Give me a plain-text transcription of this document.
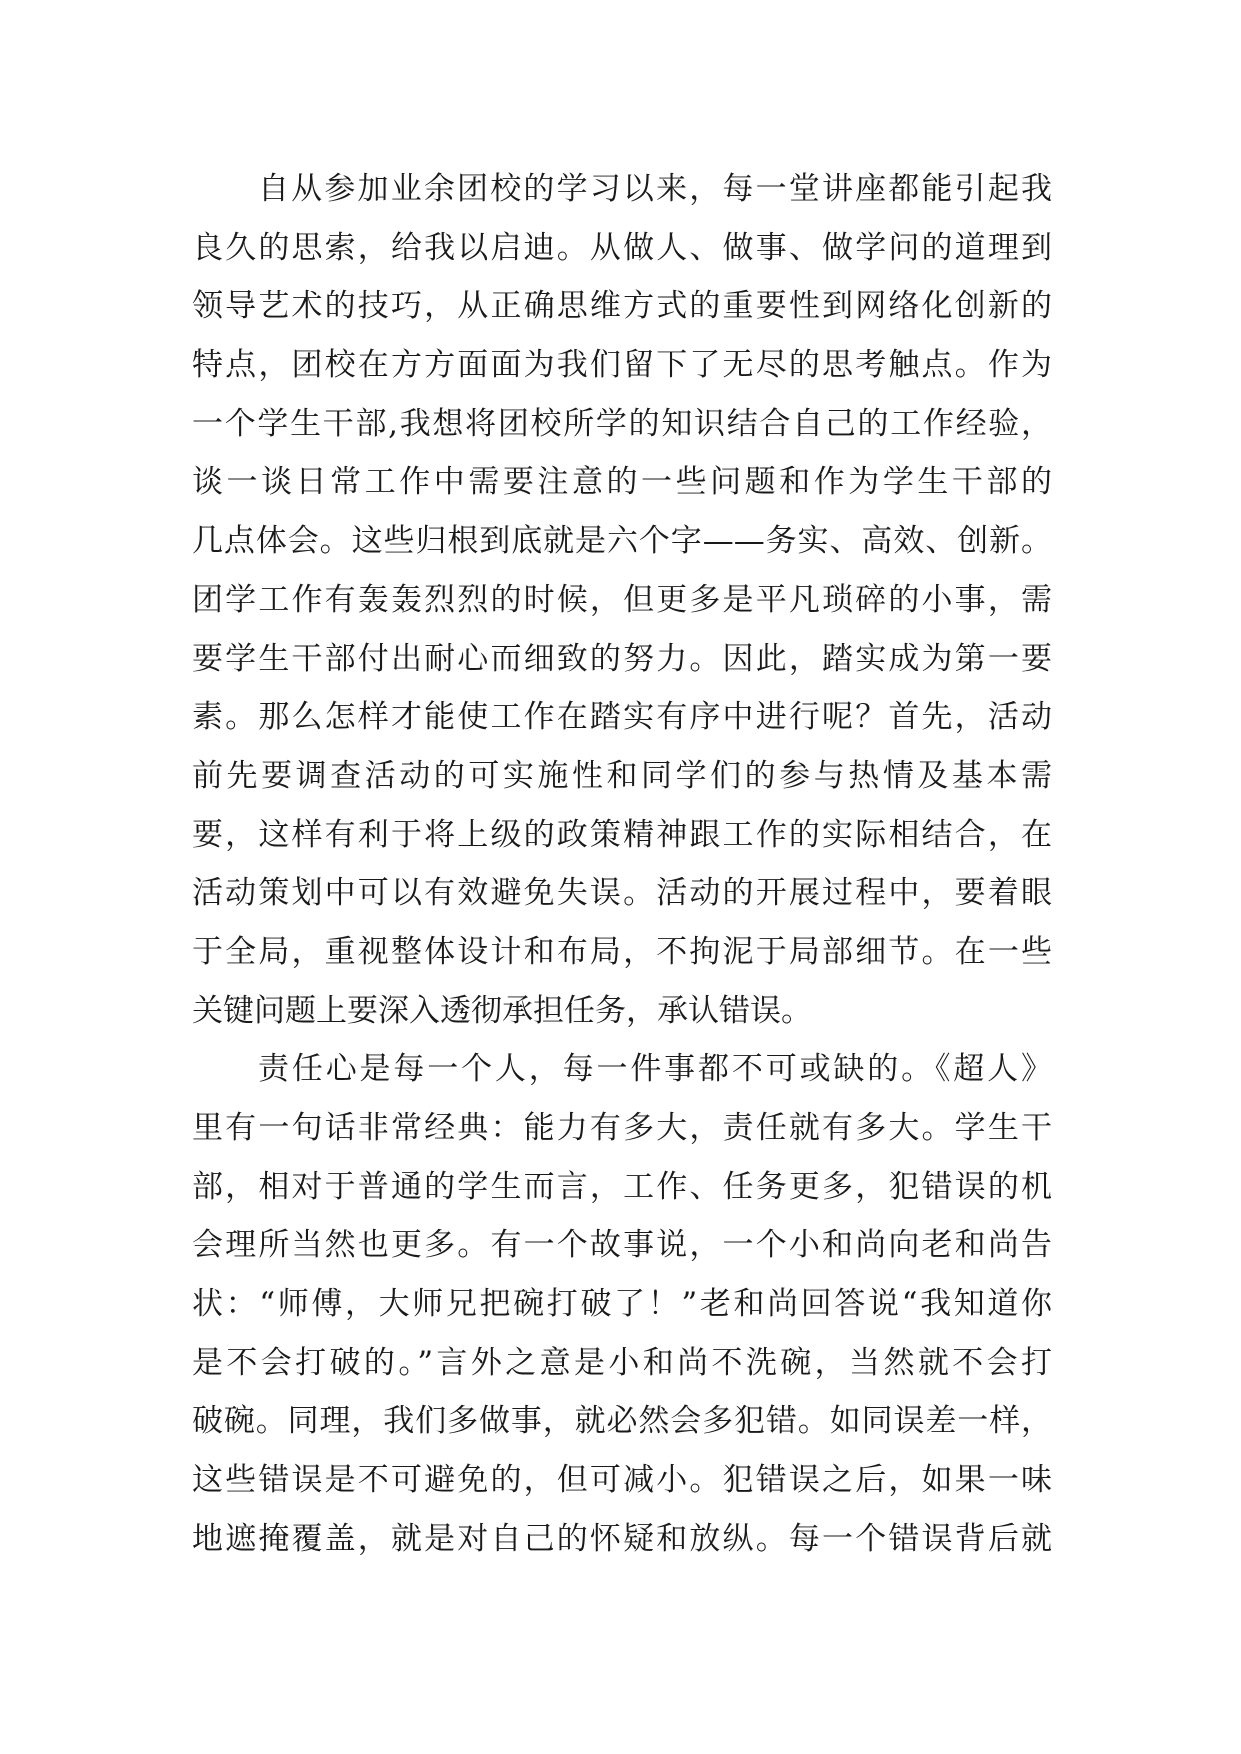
自从参加业余团校的学习以来，每一堂讲座都能引起我
良久的思索，给我以启迪。从做人、做事、做学问的道理到
领导艺术的技巧，从正确思维方式的重要性到网络化创新的
特点，团校在方方面面为我们留下了无尽的思考触点。作为
一个学生干部,我想将团校所学的知识结合自己的工作经验，
谈一谈日常工作中需要注意的一些问题和作为学生干部的
几点体会。这些归根到底就是六个字——务实、高效、创新。
团学工作有轰轰烈烈的时候，但更多是平凡琐碎的小事，需
要学生干部付出耐心而细致的努力。因此，踏实成为第一要
素。那么怎样才能使工作在踏实有序中进行呢？首先，活动
前先要调查活动的可实施性和同学们的参与热情及基本需
要，这样有利于将上级的政策精神跟工作的实际相结合，在
活动策划中可以有效避免失误。活动的开展过程中，要着眼
于全局，重视整体设计和布局，不拘泥于局部细节。在一些
关键问题上要深入透彻承担任务，承认错误。
责任心是每一个人，每一件事都不可或缺的。《超人》
里有一句话非常经典：能力有多大，责任就有多大。学生干
部，相对于普通的学生而言，工作、任务更多，犯错误的机
会理所当然也更多。有一个故事说，一个小和尚向老和尚告
状：“师傅，大师兄把碗打破了！”老和尚回答说“我知道你
是不会打破的。”言外之意是小和尚不洗碗，当然就不会打
破碗。同理，我们多做事，就必然会多犯错。如同误差一样，
这些错误是不可避免的，但可减小。犯错误之后，如果一味
地遮掩覆盖，就是对自己的怀疑和放纵。每一个错误背后就
